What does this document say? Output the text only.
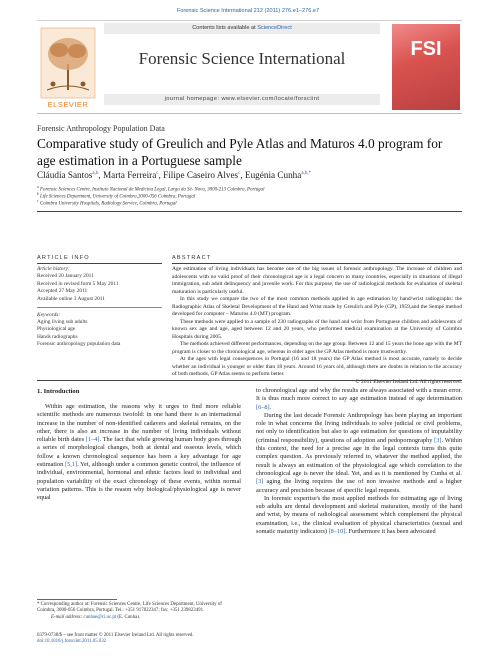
Forensic Science International 212 (2011) 276.e1–276.e7
ELSEVIER
Contents lists available at ScienceDirect
Forensic Science International
journal homepage: www.elsevier.com/locate/forsciint
FSI
Forensic Anthropology Population Data
Comparative study of Greulich and Pyle Atlas and Maturos 4.0 program for age estimation in a Portuguese sample
Cláudia Santos$^{a,b}$, Marta Ferreira$^c$, Filipe Caseiro Alves$^c$, Eugénia Cunha$^{a,b,*}$
$^a$ Forensic Sciences Centre, Instituto Nacional de Medicina Legal, Largo da Sé- Nova, 3000-213 Coimbra, Portugal
$^b$ Life Sciences Department, University of Coimbra,3000-056 Coimbra, Portugal
$^c$ Coimbra University Hospitals, Radiology Service, Coimbra, Portugal
ARTICLE INFO	ABSTRACT
Article history:
Received 20 January 2011
Received in revised form 5 May 2011
Accepted 27 May 2011
Available online 3 August 2011
Keywords:
Aging living sub adults
Physiological age
Hands radiographs
Forensic anthropology population data

Age estimation of living individuals has become one of the big issues of forensic anthropology. The increase of children and adolescents with no valid proof of their chronological age is a legal concern to many countries, especially in situations of illegal immigration, sub adult delinquency and juvenile work. For this purpose, the use of radiological methods for evaluation of skeletal maturation is particularly useful.

In this study we compare the two of the most common methods applied in age estimation by hand/wrist radiographs: the Radiographic Atlas of Skeletal Development of the Hand and Wrist made by Greulich and Pyle (GP), 1959,and the Sempé method developed for computer – Maturos 4.0 (MT) program.

These methods were applied to a sample of 230 radiographs of the hand and wrist from Portuguese children and adolescents of known sex age and age, aged between 12 and 20 years, who performed medical examination at the University of Coimbra Hospitals during 2005.

The methods achieved different performances, depending on the age group. Between 12 and 15 years the bone age with the MT program is closer to the chronological age, whereas in older ages the GP Atlas method is more trustworthy.

At the ages with legal consequences in Portugal (16 and 18 years) the GP Atlas method is most accurate, namely to decide whether an individual is younger or older than 18 years. Around 16 years old, although there are doubts in relation to the accuracy of both methods, GP Atlas seems to perform better.

© 2011 Elsevier Ireland Ltd. All rights reserved.
1. Introduction

Within age estimation, the reasons why it urges to find more reliable scientific methods are numerous twofold: in one hand there is an international increase in the number of non-identified cadavers and skeletal remains, on the other, there is also an increase in the number of living individuals without reliable birth dates [1–4]. The fact that while growing human body goes through a series of morphological changes, both at dental and osseous levels, which follow a known chronological sequence has been a key advantage for age estimation [5,1]. Yet, although under a common genetic control, the influence of individual, environmental, hormonal and ethnic factors lead to individual and population variability of the exact chronology of these events, within normal variation patterns. This is the reason why biological/physiological age is never equal

to chronological age and why the results are always associated with a mean error. It is thus much more correct to say age estimation instead of age determination [6–8].

During the last decade Forensic Anthropology has been playing an important role in what concerns the living individuals to solve judicial or civil problems, not only to identification but also to age estimation for questions of imputability (criminal responsibility), questions of adoption and pedopornography [3]. Within this context, the need for a precise age in the legal contexts turns this quite complex question. As previously referred to, whatever the method applied, the result is always an estimation of the physiological age which correlation to the chronological age is never the ideal. Yet, and as it is mentioned by Cunha et al. [3] aging the living requires the use of non invasive methods and a higher accuracy and precision because of specific legal requests.

In forensic expertise's the most applied methods for estimating age of living sub adults are dental development and skeletal maturation, mostly of the hand and wrist, by means of radiological assessment which complement the physical examination, i.e., the clinical evaluation of physical characteristics (sexual and somatic maturity indicators) [8–10]. Furthermore it has been advocated

* Corresponding author at: Forensic Sciences Centre, Life Sciences Department, University of Coimbra, 3000-056 Coimbra, Portugal. Tel.: +351 917822347; fax: +351 239823491.
E-mail address: cunhae@ci.uc.pt (E. Cunha).
0379-0738/$ – see front matter © 2011 Elsevier Ireland Ltd. All rights reserved.
doi:10.1016/j.forsciint.2011.05.032
